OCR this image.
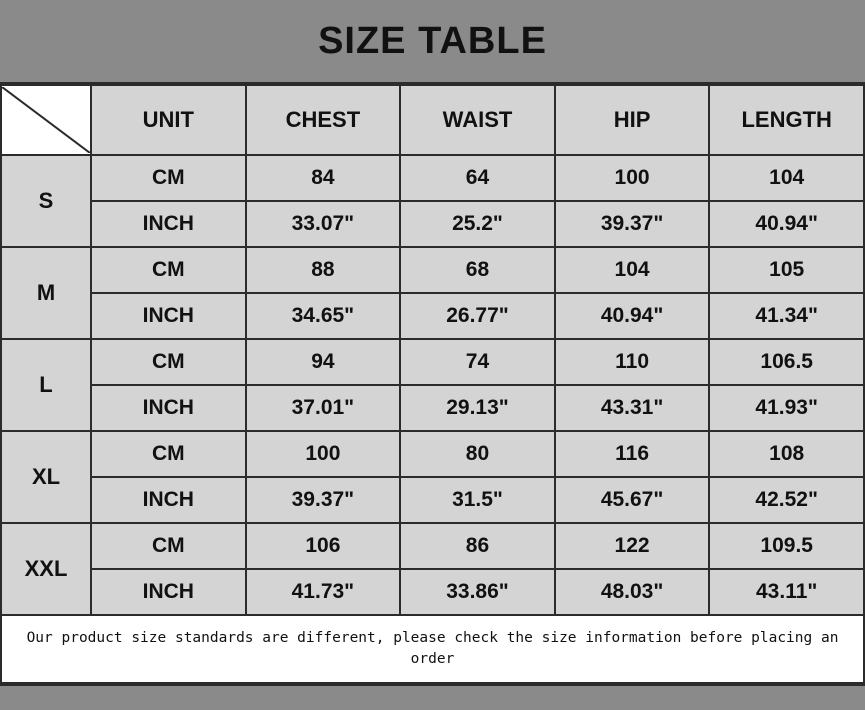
SIZE TABLE
	UNIT	CHEST	WAIST	HIP	LENGTH
S	CM	84	64	100	104
	INCH	33.07"	25.2"	39.37"	40.94"
M	CM	88	68	104	105
	INCH	34.65"	26.77"	40.94"	41.34"
L	CM	94	74	110	106.5
	INCH	37.01"	29.13"	43.31"	41.93"
XL	CM	100	80	116	108
	INCH	39.37"	31.5"	45.67"	42.52"
XXL	CM	106	86	122	109.5
	INCH	41.73"	33.86"	48.03"	43.11"
Our product size standards are different, please check the size information before placing an order
